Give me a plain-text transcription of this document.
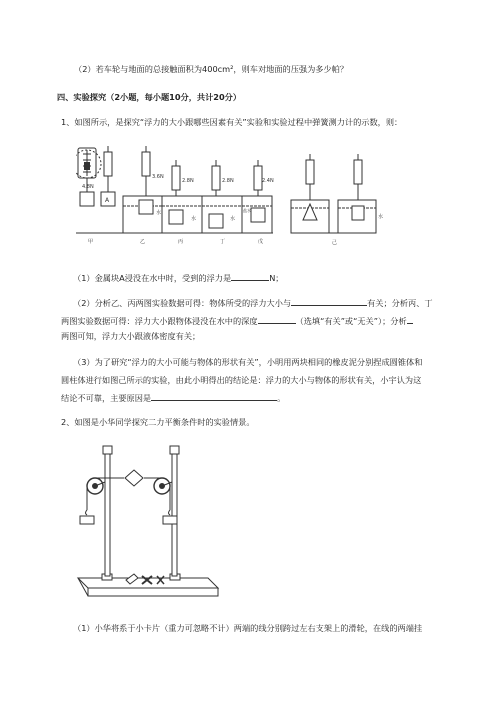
（2）若车轮与地面的总接触面积为400cm²，则车对地面的压强为多少帕？
四、实验探究（2小题，每小题10分，共计20分）
1、如图所示，是探究“浮力的大小跟哪些因素有关”实验和实验过程中弹簧测力计的示数，则：
4.8N
A
3.6N
水
2.8N
水
2.8N
水
2.4N
盐水
水
甲	乙	丙	丁	戊	己
（1）金属块A浸没在水中时，受到的浮力是	N；
（2）分析乙、丙两图实验数据可得：物体所受的浮力大小与	有关；分析丙、丁
两图实验数据可得：浮力大小跟物体浸没在水中的深度	（选填“有关”或“无关”）；分析
两图可知，浮力大小跟液体密度有关；
（3）为了研究“浮力的大小可能与物体的形状有关”，小明用两块相同的橡皮泥分别捏成圆锥体和
圆柱体进行如图己所示的实验，由此小明得出的结论是：浮力的大小与物体的形状有关，小宇认为这
结论不可靠，主要原因是	。
2、如图是小华同学探究二力平衡条件时的实验情景。
（1）小华将系于小卡片（重力可忽略不计）两端的线分别跨过左右支架上的滑轮，在线的两端挂
